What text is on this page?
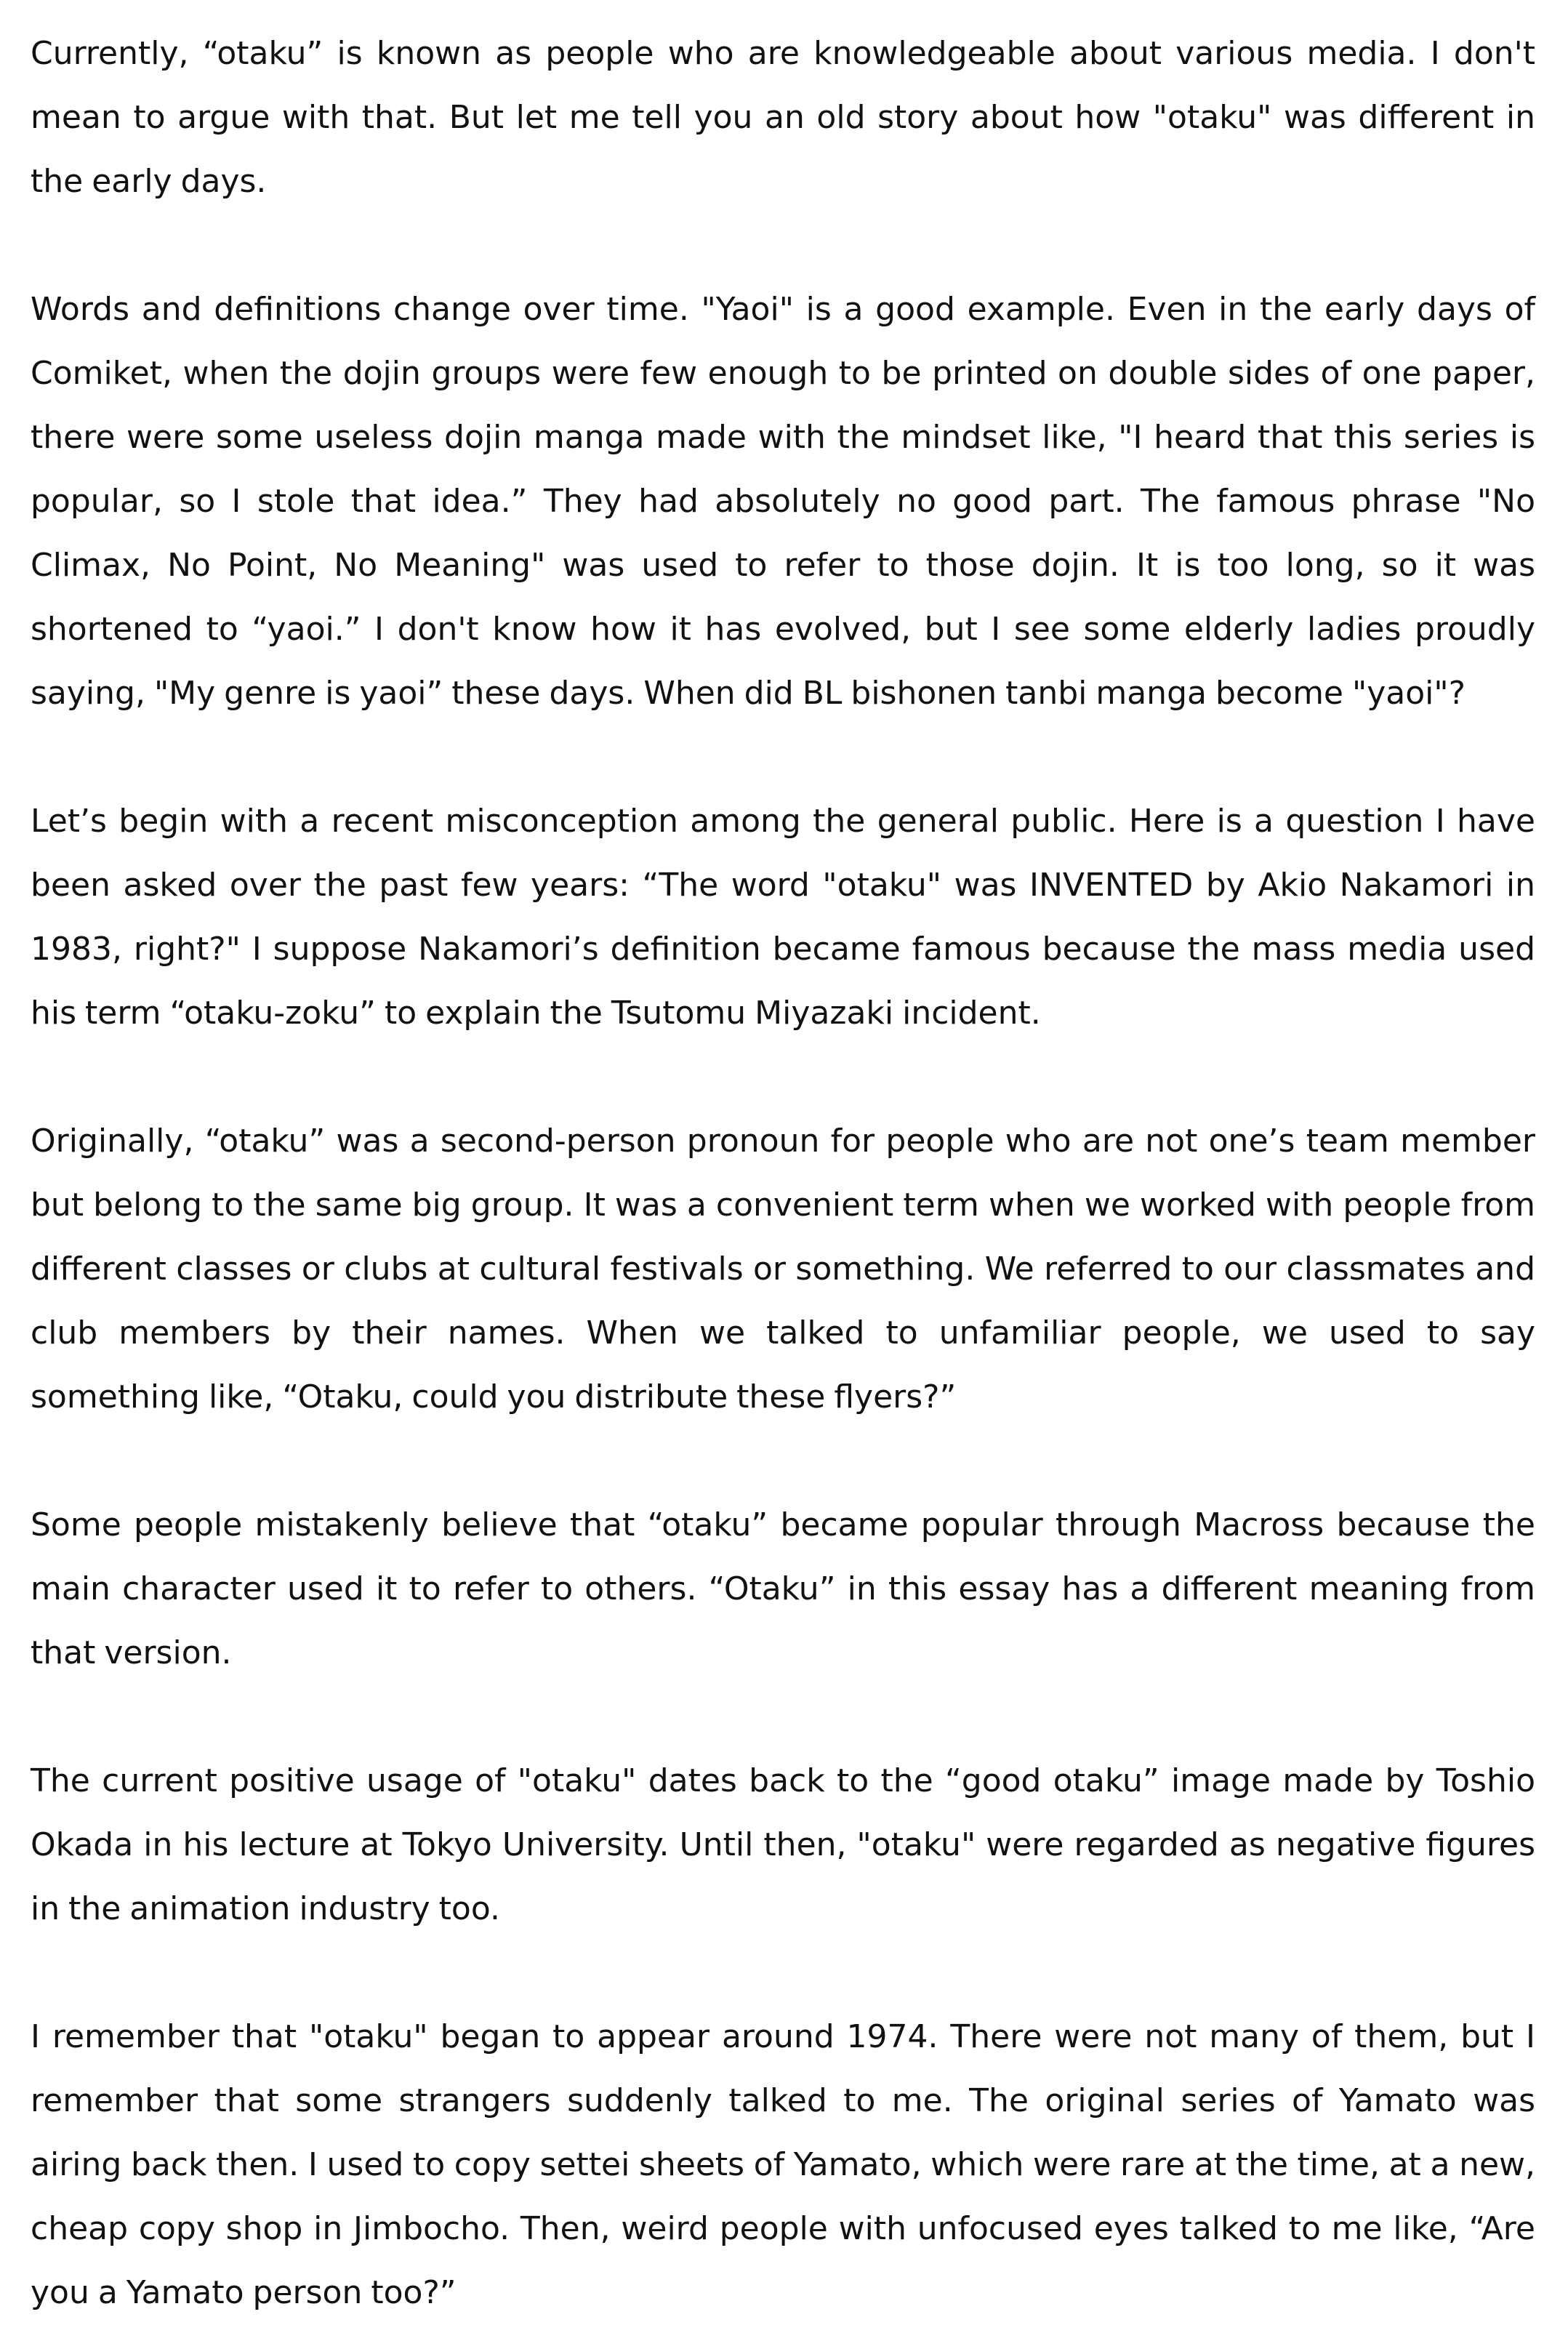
Currently, “otaku” is known as people who are knowledgeable about various media. I don't mean to argue with that. But let me tell you an old story about how "otaku" was different in the early days.

Words and definitions change over time. "Yaoi" is a good example. Even in the early days of Comiket, when the dojin groups were few enough to be printed on double sides of one paper, there were some useless dojin manga made with the mindset like, "I heard that this series is popular, so I stole that idea.” They had absolutely no good part. The famous phrase "No Climax, No Point, No Meaning" was used to refer to those dojin. It is too long, so it was shortened to “yaoi.” I don't know how it has evolved, but I see some elderly ladies proudly saying, "My genre is yaoi” these days. When did BL bishonen tanbi manga become "yaoi"?

Let’s begin with a recent misconception among the general public. Here is a question I have been asked over the past few years: “The word "otaku" was INVENTED by Akio Nakamori in 1983, right?" I suppose Nakamori’s definition became famous because the mass media used his term “otaku-zoku” to explain the Tsutomu Miyazaki incident.

Originally, “otaku” was a second-person pronoun for people who are not one’s team member but belong to the same big group. It was a convenient term when we worked with people from different classes or clubs at cultural festivals or something. We referred to our classmates and club members by their names. When we talked to unfamiliar people, we used to say something like, “Otaku, could you distribute these flyers?”

Some people mistakenly believe that “otaku” became popular through Macross because the main character used it to refer to others. “Otaku” in this essay has a different meaning from that version.

The current positive usage of "otaku" dates back to the “good otaku” image made by Toshio Okada in his lecture at Tokyo University. Until then, "otaku" were regarded as negative figures in the animation industry too.

I remember that "otaku" began to appear around 1974. There were not many of them, but I remember that some strangers suddenly talked to me. The original series of Yamato was airing back then. I used to copy settei sheets of Yamato, which were rare at the time, at a new, cheap copy shop in Jimbocho. Then, weird people with unfocused eyes talked to me like, “Are you a Yamato person too?”
